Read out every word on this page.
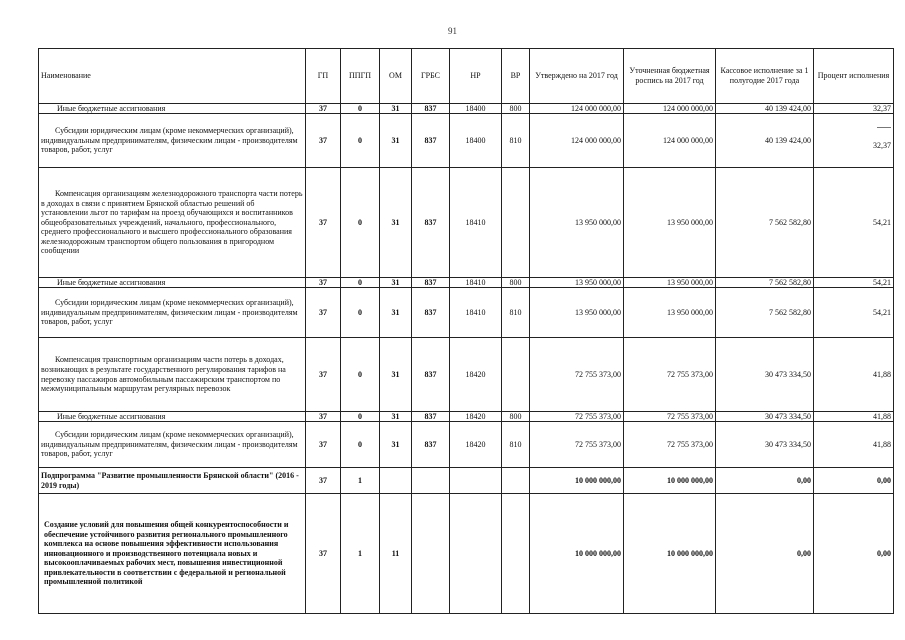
91
Наименование	ГП	ППГП	ОМ	ГРБС	НР	ВР	Утверждено на 2017 год	Уточненная бюджетная роспись на 2017 год	Кассовое исполнение за 1 полугодие 2017 года	Процент исполнения
Иные бюджетные ассигнования	37	0	31	837	18400	800	124 000 000,00	124 000 000,00	40 139 424,00	32,37
Субсидии юридическим лицам (кроме некоммерческих организаций), индивидуальным предпринимателям, физическим лицам - производителям товаров, работ, услуг	37	0	31	837	18400	810	124 000 000,00	124 000 000,00	40 139 424,00	32,37
Компенсация организациям железнодорожного транспорта части потерь в доходах в связи с принятием Брянской областью решений об установлении льгот по тарифам на проезд обучающихся и воспитанников общеобразовательных учреждений, начального, профессионального, среднего профессионального и высшего профессионального образования железнодорожным транспортом общего пользования в пригородном сообщении	37	0	31	837	18410		13 950 000,00	13 950 000,00	7 562 582,80	54,21
Иные бюджетные ассигнования	37	0	31	837	18410	800	13 950 000,00	13 950 000,00	7 562 582,80	54,21
Субсидии юридическим лицам (кроме некоммерческих организаций), индивидуальным предпринимателям, физическим лицам - производителям товаров, работ, услуг	37	0	31	837	18410	810	13 950 000,00	13 950 000,00	7 562 582,80	54,21
Компенсация транспортным организациям части потерь в доходах, возникающих в результате государственного регулирования тарифов на перевозку пассажиров автомобильным пассажирским транспортом по межмуниципальным маршрутам регулярных перевозок	37	0	31	837	18420		72 755 373,00	72 755 373,00	30 473 334,50	41,88
Иные бюджетные ассигнования	37	0	31	837	18420	800	72 755 373,00	72 755 373,00	30 473 334,50	41,88
Субсидии юридическим лицам (кроме некоммерческих организаций), индивидуальным предпринимателям, физическим лицам - производителям товаров, работ, услуг	37	0	31	837	18420	810	72 755 373,00	72 755 373,00	30 473 334,50	41,88
Подпрограмма "Развитие промышленности Брянской области" (2016 - 2019 годы)	37	1					10 000 000,00	10 000 000,00	0,00	0,00
Создание условий для повышения общей конкурентоспособности и обеспечение устойчивого развития регионального промышленного комплекса на основе повышения эффективности использования инновационного и производственного потенциала новых и высокооплачиваемых рабочих мест, повышения инвестиционной привлекательности в соответствии с федеральной и региональной промышленной политикой	37	1	11				10 000 000,00	10 000 000,00	0,00	0,00
